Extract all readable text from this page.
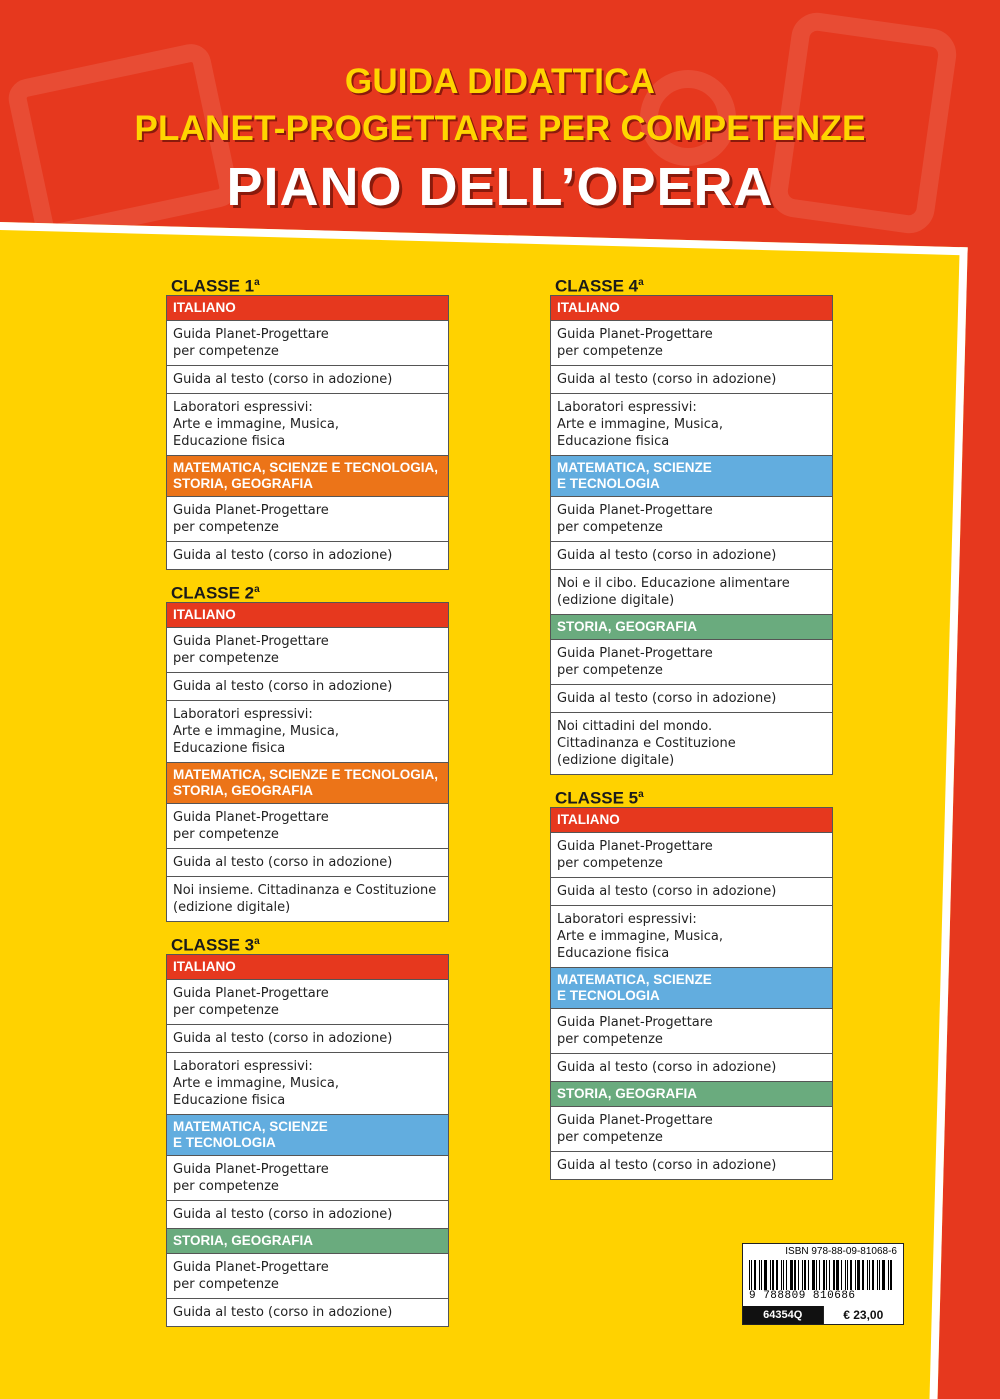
GUIDA DIDATTICA
PLANET-PROGETTARE PER COMPETENZE
PIANO DELL’OPERA
CLASSE 1$^a$
ITALIANO
Guida Planet-Progettare
per competenze
Guida al testo (corso in adozione)
Laboratori espressivi:
Arte e immagine, Musica,
Educazione fisica
MATEMATICA, SCIENZE E TECNOLOGIA,
STORIA, GEOGRAFIA
Guida Planet-Progettare
per competenze
Guida al testo (corso in adozione)
CLASSE 2$^a$
ITALIANO
Guida Planet-Progettare
per competenze
Guida al testo (corso in adozione)
Laboratori espressivi:
Arte e immagine, Musica,
Educazione fisica
MATEMATICA, SCIENZE E TECNOLOGIA,
STORIA, GEOGRAFIA
Guida Planet-Progettare
per competenze
Guida al testo (corso in adozione)
Noi insieme. Cittadinanza e Costituzione
(edizione digitale)
CLASSE 3$^a$
ITALIANO
Guida Planet-Progettare
per competenze
Guida al testo (corso in adozione)
Laboratori espressivi:
Arte e immagine, Musica,
Educazione fisica
MATEMATICA, SCIENZE
E TECNOLOGIA
Guida Planet-Progettare
per competenze
Guida al testo (corso in adozione)
STORIA, GEOGRAFIA
Guida Planet-Progettare
per competenze
Guida al testo (corso in adozione)
CLASSE 4$^a$
ITALIANO
Guida Planet-Progettare
per competenze
Guida al testo (corso in adozione)
Laboratori espressivi:
Arte e immagine, Musica,
Educazione fisica
MATEMATICA, SCIENZE
E TECNOLOGIA
Guida Planet-Progettare
per competenze
Guida al testo (corso in adozione)
Noi e il cibo. Educazione alimentare
(edizione digitale)
STORIA, GEOGRAFIA
Guida Planet-Progettare
per competenze
Guida al testo (corso in adozione)
Noi cittadini del mondo.
Cittadinanza e Costituzione
(edizione digitale)
CLASSE 5$^a$
ITALIANO
Guida Planet-Progettare
per competenze
Guida al testo (corso in adozione)
Laboratori espressivi:
Arte e immagine, Musica,
Educazione fisica
MATEMATICA, SCIENZE
E TECNOLOGIA
Guida Planet-Progettare
per competenze
Guida al testo (corso in adozione)
STORIA, GEOGRAFIA
Guida Planet-Progettare
per competenze
Guida al testo (corso in adozione)
ISBN 978-88-09-81068-6
9 788809 810686
64354Q	€ 23,00
